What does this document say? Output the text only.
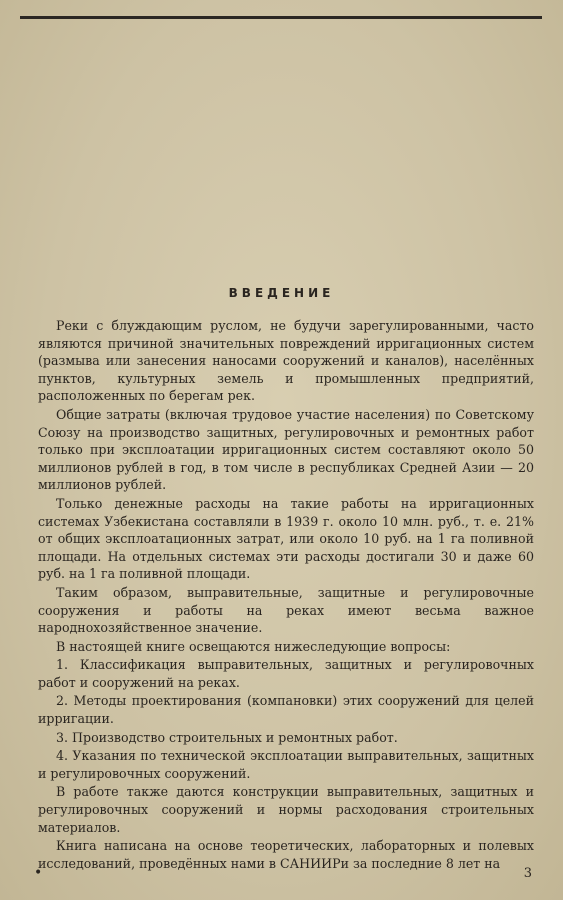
ВВЕДЕНИЕ

Реки с блуждающим руслом, не будучи зарегулированными, часто являются причиной значительных повреждений ирригационных систем (размыва или занесения наносами сооружений и каналов), населённых пунктов, культурных земель и промышленных предприятий, расположенных по берегам рек.

Общие затраты (включая трудовое участие населения) по Советскому Союзу на производство защитных, регулировочных и ремонтных работ только при эксплоатации ирригационных систем составляют около 50 миллионов рублей в год, в том числе в республиках Средней Азии — 20 миллионов рублей.

Только денежные расходы на такие работы на ирригационных системах Узбекистана составляли в 1939 г. около 10 млн. руб., т. е. 21% от общих эксплоатационных затрат, или около 10 руб. на 1 га поливной площади. На отдельных системах эти расходы достигали 30 и даже 60 руб. на 1 га поливной площади.

Таким образом, выправительные, защитные и регулировочные сооружения и работы на реках имеют весьма важное народнохозяйственное значение.

В настоящей книге освещаются нижеследующие вопросы:

1. Классификация выправительных, защитных и регулировочных работ и сооружений на реках.

2. Методы проектирования (компановки) этих сооружений для целей ирригации.

3. Производство строительных и ремонтных работ.

4. Указания по технической эксплоатации выправительных, защитных и регулировочных сооружений.

В работе также даются конструкции выправительных, защитных и регулировочных сооружений и нормы расходования строительных материалов.

Книга написана на основе теоретических, лабораторных и полевых исследований, проведённых нами в САНИИРи за последние 8 лет на

•	3
